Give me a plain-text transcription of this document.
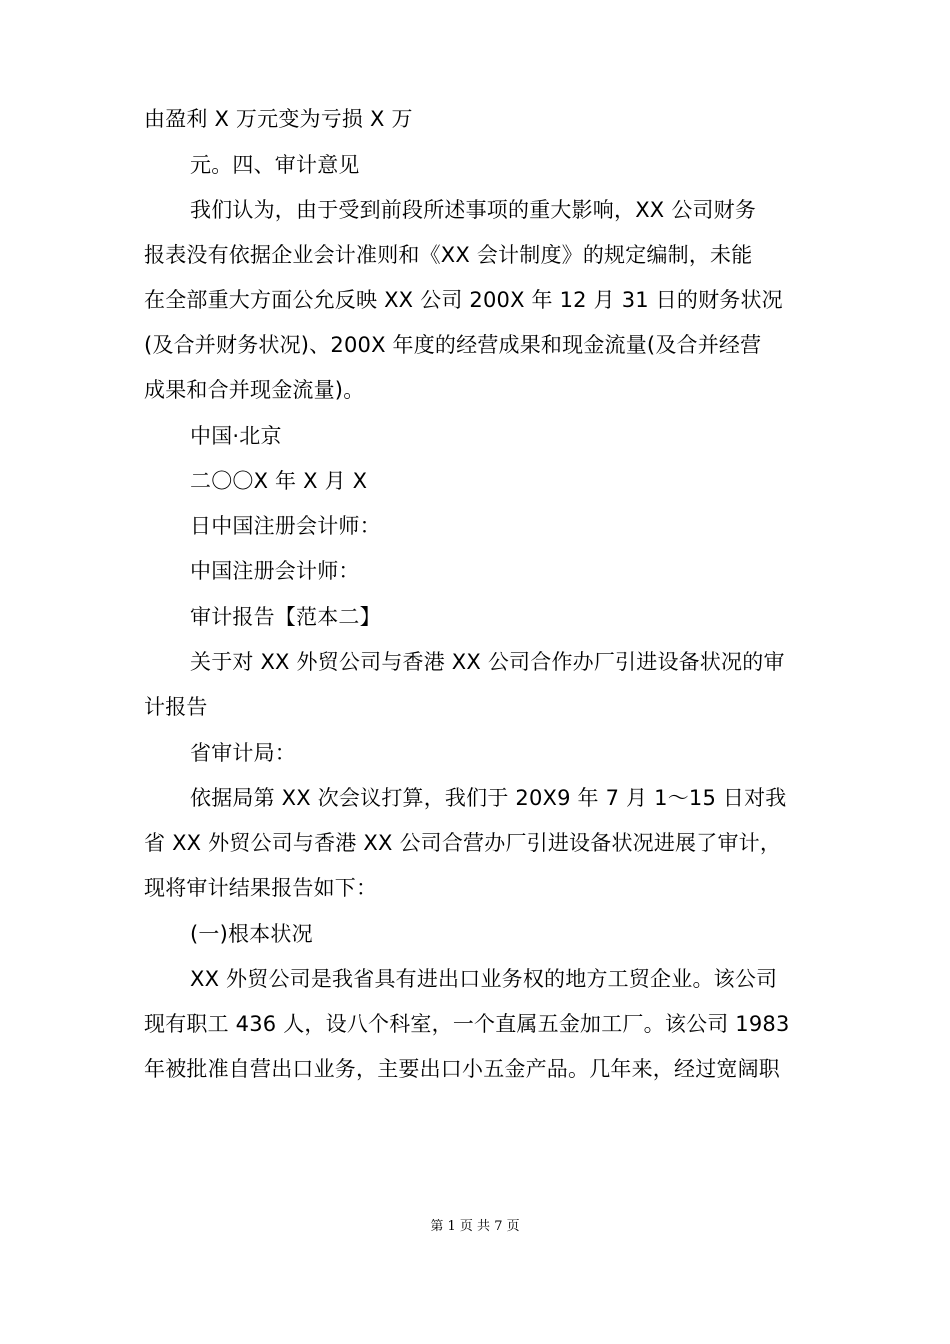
由盈利 X 万元变为亏损 X 万
元。四、审计意见
我们认为，由于受到前段所述事项的重大影响，XX 公司财务
报表没有依据企业会计准则和《XX 会计制度》的规定编制，未能
在全部重大方面公允反映 XX 公司 200X 年 12 月 31 日的财务状况
(及合并财务状况)、200X 年度的经营成果和现金流量(及合并经营
成果和合并现金流量)。
中国·北京
二〇〇X 年 X 月 X
日中国注册会计师：
中国注册会计师：
审计报告【范本二】
关于对 XX 外贸公司与香港 XX 公司合作办厂引进设备状况的审
计报告
省审计局：
依据局第 XX 次会议打算，我们于 20X9 年 7 月 1～15 日对我
省 XX 外贸公司与香港 XX 公司合营办厂引进设备状况进展了审计，
现将审计结果报告如下：
(一)根本状况
XX 外贸公司是我省具有进出口业务权的地方工贸企业。该公司
现有职工 436 人，设八个科室，一个直属五金加工厂。该公司 1983
年被批准自营出口业务，主要出口小五金产品。几年来，经过宽阔职
第 1 页 共 7 页
